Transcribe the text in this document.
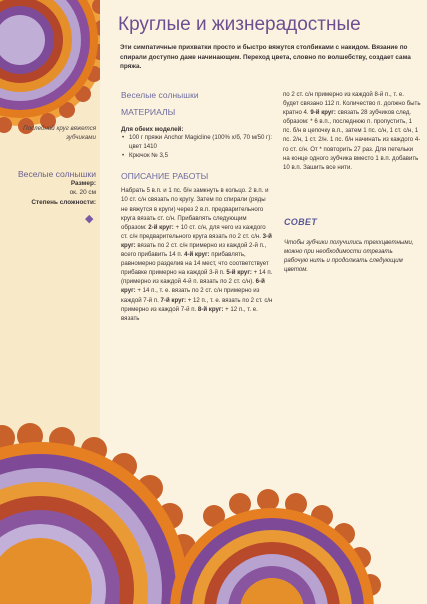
Круглые и жизнерадостные

Эти симпатичные прихватки просто и быстро вяжутся столбиками с накидом. Вязание по спирали доступно даже начинающим. Переход цвета, словно по волшебству, создает сама пряжа.

Последний круг вяжется зубчиками

Веселые солнышки
Размер:
ок. 20 см
Степень сложности:
◆
Веселые солнышки
МАТЕРИАЛЫ
Для обеих моделей:
• 100 г пряжи Anchor Magicline (100% х/б, 70 м/50 г): цвет 1410
• Крючок № 3,5
ОПИСАНИЕ РАБОТЫ

Набрать 5 в.п. и 1 пс. б/н замкнуть в кольцо. 2 в.п. и 10 ст. с/н связать по кругу. Затем по спирали (ряды не вяжутся в круги) через 2 в.п. предварительного круга вязать ст. с/н. Прибавлять следующим образом: 2-й круг: + 10 ст. с/н, для чего из каждого ст. с/н предварительного круга вязать по 2 ст. с/н. 3-й круг: вязать по 2 ст. с/н примерно из каждой 2-й п., всего прибавить 14 п. 4-й круг: прибавлять, равномерно разделив на 14 мест, что соответствует прибавке примерно на каждой 3-й п. 5-й круг: + 14 п. (примерно из каждой 4-й п. вязать по 2 ст. с/н). 6-й круг: + 14 п., т. е. вязать по 2 ст. с/н примерно из каждой 7-й п. 7-й круг: + 12 п., т. е. вязать по 2 ст. с/н примерно из каждой 7-й п. 8-й круг: + 12 п., т. е. вязать

по 2 ст. с/н примерно из каждой 8-й п., т. е. будет связано 112 п. Количество п. должно быть кратно 4. 9-й круг: связать 28 зубчиков след. образом: * 6 в.п., последнюю п. пропустить, 1 пс. б/н в цепочку в.п., затем 1 пс. с/н, 1 ст. с/н, 1 пс. 2/н, 1 ст. 2/н. 1 пс. б/н начинать из каждого 4-го ст. с/н. От * повторить 27 раз. Для петельки на конце одного зубчика вместо 1 в.п. добавить 10 в.п. Зашить все нити.

СОВЕТ

Чтобы зубчики получились треххцветными, можно при необходимости отрезать рабочую нить и продолжать следующим цветом.
